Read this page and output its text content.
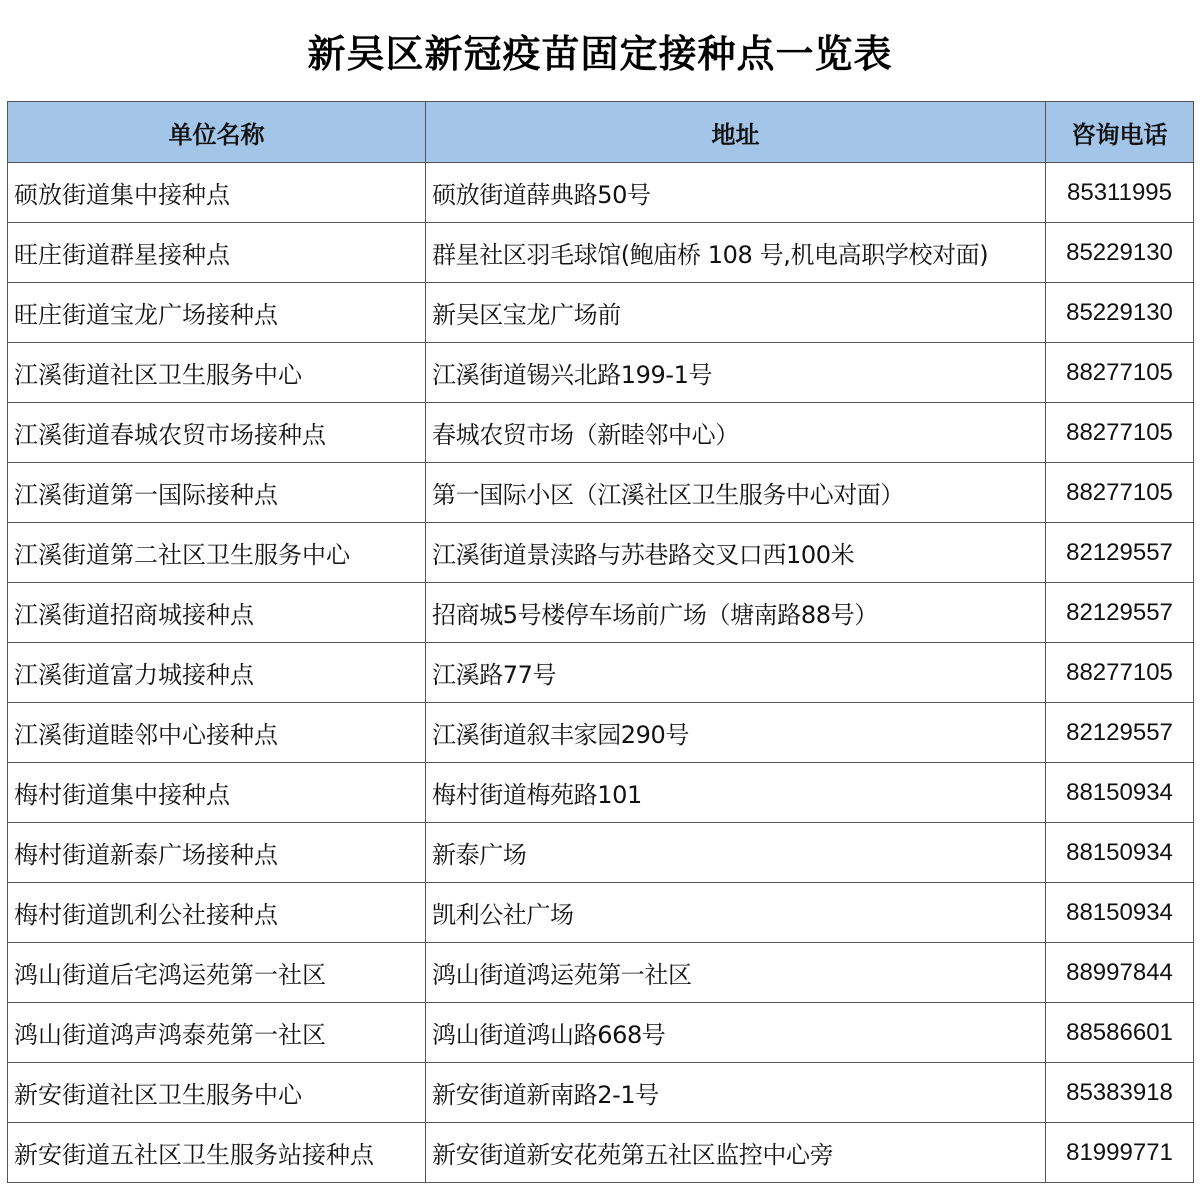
新吴区新冠疫苗固定接种点一览表
单位名称	地址	咨询电话
硕放街道集中接种点	硕放街道薛典路50号	85311995
旺庄街道群星接种点	群星社区羽毛球馆(鲍庙桥 108 号,机电高职学校对面)	85229130
旺庄街道宝龙广场接种点	新吴区宝龙广场前	85229130
江溪街道社区卫生服务中心	江溪街道锡兴北路199-1号	88277105
江溪街道春城农贸市场接种点	春城农贸市场（新睦邻中心）	88277105
江溪街道第一国际接种点	第一国际小区（江溪社区卫生服务中心对面）	88277105
江溪街道第二社区卫生服务中心	江溪街道景渎路与苏巷路交叉口西100米	82129557
江溪街道招商城接种点	招商城5号楼停车场前广场（塘南路88号）	82129557
江溪街道富力城接种点	江溪路77号	88277105
江溪街道睦邻中心接种点	江溪街道叙丰家园290号	82129557
梅村街道集中接种点	梅村街道梅苑路101	88150934
梅村街道新泰广场接种点	新泰广场	88150934
梅村街道凯利公社接种点	凯利公社广场	88150934
鸿山街道后宅鸿运苑第一社区	鸿山街道鸿运苑第一社区	88997844
鸿山街道鸿声鸿泰苑第一社区	鸿山街道鸿山路668号	88586601
新安街道社区卫生服务中心	新安街道新南路2-1号	85383918
新安街道五社区卫生服务站接种点	新安街道新安花苑第五社区监控中心旁	81999771
